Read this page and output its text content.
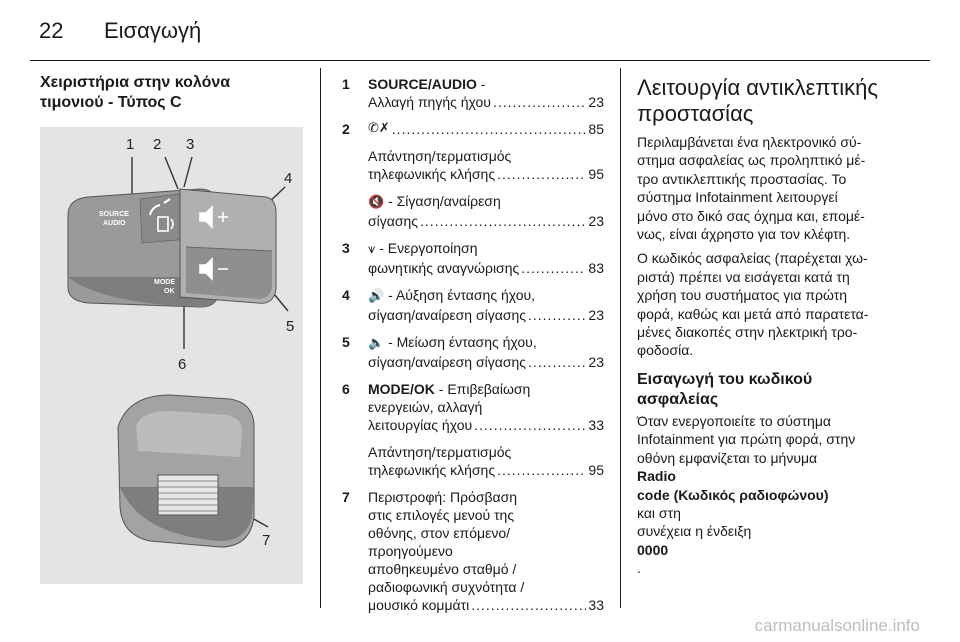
22 Εισαγωγή
Χειριστήρια στην κολόνα
τιμονιού - Τύπος C
SOURCE
AUDIO
MODE
OK
1 2 3
4
5
6
7
1 SOURCE/AUDIO -
Αλλαγή πηγής ήχου .....	23
2 ✆✗ .....	85
Απάντηση/τερματισμός
τηλεφωνικής κλήσης .....	95
🔇 - Σίγαση/αναίρεση
σίγασης .....	23
3 ⩛ - Ενεργοποίηση
φωνητικής αναγνώρισης .....	83
4 🔊 - Αύξηση έντασης ήχου,
σίγαση/αναίρεση σίγασης .....	23
5 🔈 - Μείωση έντασης ήχου,
σίγαση/αναίρεση σίγασης .....	23
6 MODE/OK - Επιβεβαίωση
ενεργειών, αλλαγή
λειτουργίας ήχου .....	33
Απάντηση/τερματισμός
τηλεφωνικής κλήσης .....	95
7 Περιστροφή: Πρόσβαση
στις επιλογές μενού της
οθόνης, στον επόμενο/
προηγούμενο
αποθηκευμένο σταθμό /
ραδιοφωνική συχνότητα /
μουσικό κομμάτι .....	33
Λειτουργία αντικλεπτικής
προστασίας

Περιλαμβάνεται ένα ηλεκτρονικό σύ-
στημα ασφαλείας ως προληπτικό μέ-
τρο αντικλεπτικής προστασίας. Το
σύστημα Infotainment λειτουργεί
μόνο στο δικό σας όχημα και, επομέ-
νως, είναι άχρηστο για τον κλέφτη.

Ο κωδικός ασφαλείας (παρέχεται χω-
ριστά) πρέπει να εισάγεται κατά τη
χρήση του συστήματος για πρώτη
φορά, καθώς και μετά από παρατετα-
μένες διακοπές στην ηλεκτρική τρο-
φοδοσία.

Εισαγωγή του κωδικού
ασφαλείας

Όταν ενεργοποιείτε το σύστημα
Infotainment για πρώτη φορά, στην
οθόνη εμφανίζεται το μήνυμα
Radio
code (Κωδικός ραδιοφώνου)
και στη
συνέχεια η ένδειξη
0000
.

carmanualsonline.info
